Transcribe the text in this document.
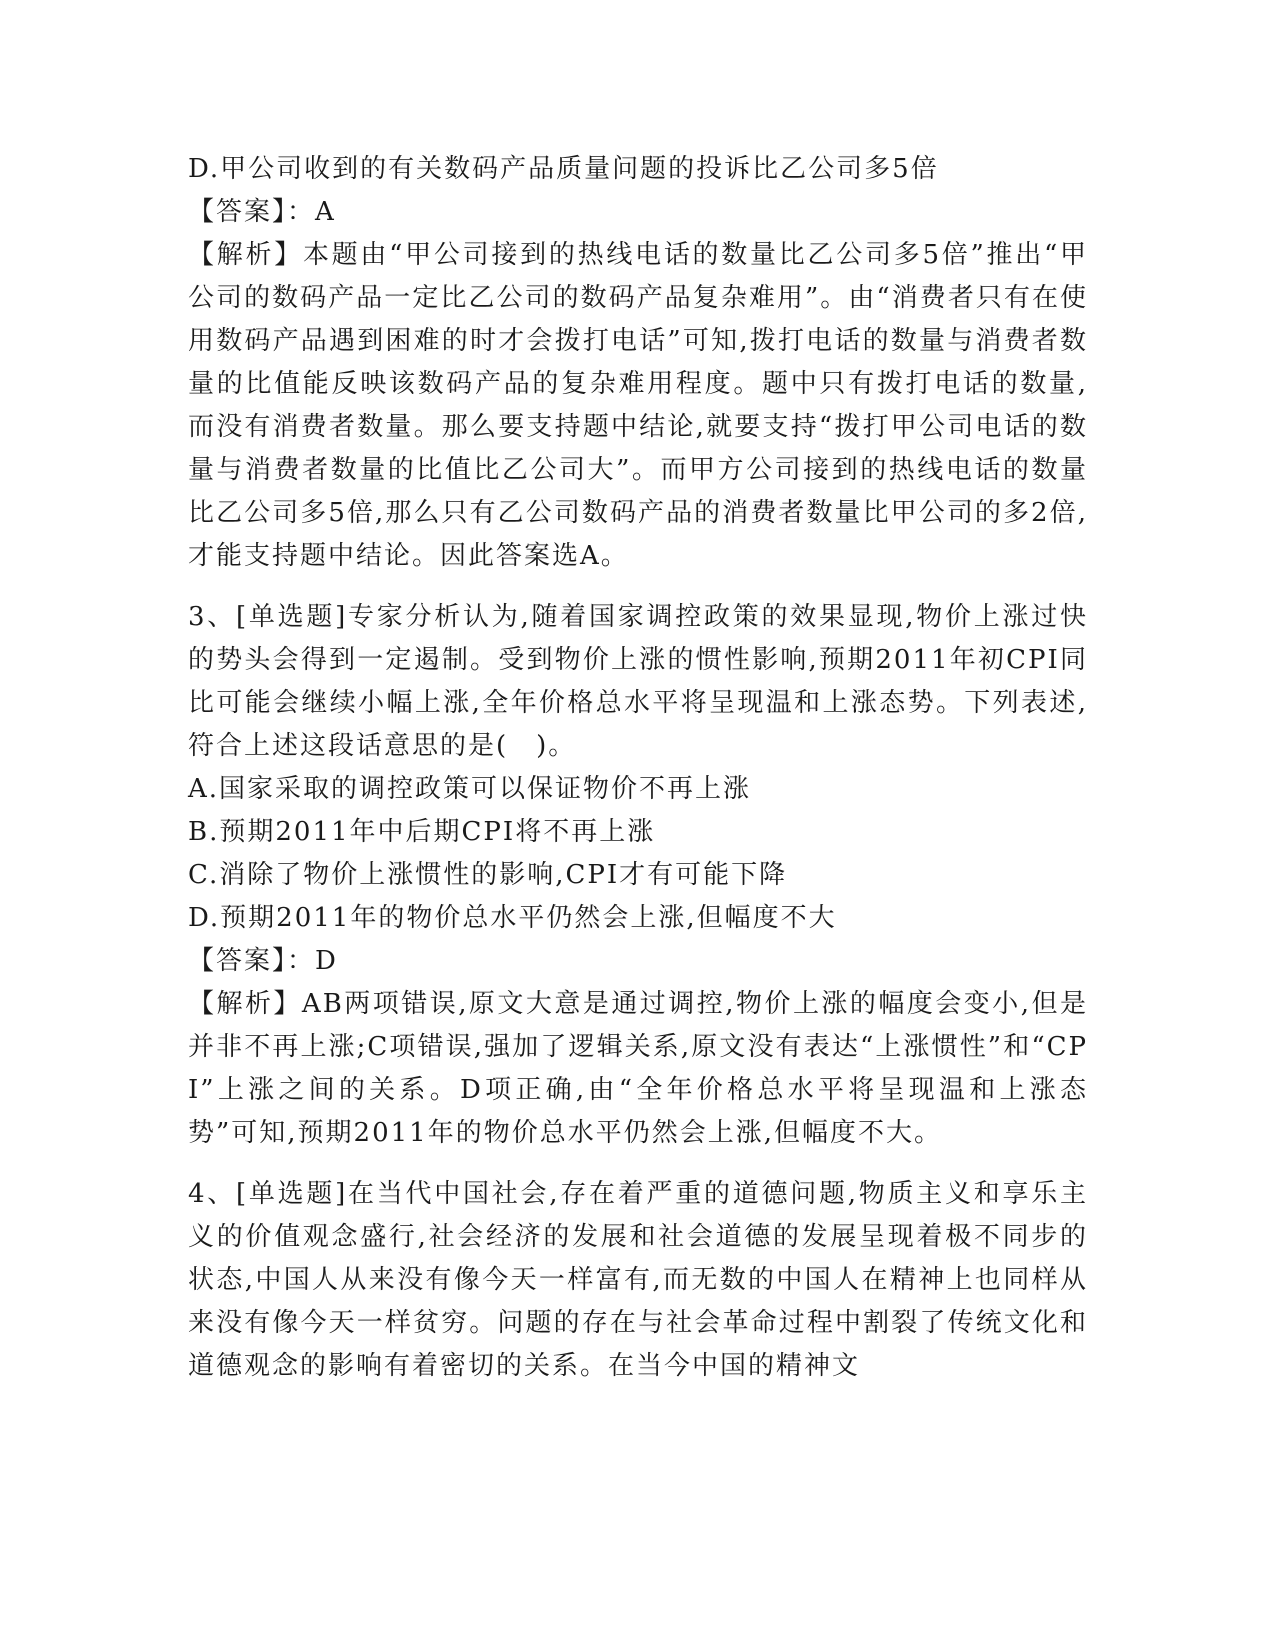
D.甲公司收到的有关数码产品质量问题的投诉比乙公司多5倍
【答案】：A
【解析】本题由“甲公司接到的热线电话的数量比乙公司多5倍”推出“甲公司的数码产品一定比乙公司的数码产品复杂难用”。由“消费者只有在使用数码产品遇到困难的时才会拨打电话”可知,拨打电话的数量与消费者数量的比值能反映该数码产品的复杂难用程度。题中只有拨打电话的数量,而没有消费者数量。那么要支持题中结论,就要支持“拨打甲公司电话的数量与消费者数量的比值比乙公司大”。而甲方公司接到的热线电话的数量比乙公司多5倍,那么只有乙公司数码产品的消费者数量比甲公司的多2倍,才能支持题中结论。因此答案选A。
3、[单选题]专家分析认为,随着国家调控政策的效果显现,物价上涨过快的势头会得到一定遏制。受到物价上涨的惯性影响,预期2011年初CPI同比可能会继续小幅上涨,全年价格总水平将呈现温和上涨态势。下列表述,符合上述这段话意思的是(　)。
A.国家采取的调控政策可以保证物价不再上涨
B.预期2011年中后期CPI将不再上涨
C.消除了物价上涨惯性的影响,CPI才有可能下降
D.预期2011年的物价总水平仍然会上涨,但幅度不大
【答案】：D
【解析】AB两项错误,原文大意是通过调控,物价上涨的幅度会变小,但是并非不再上涨;C项错误,强加了逻辑关系,原文没有表达“上涨惯性”和“CPI”上涨之间的关系。D项正确,由“全年价格总水平将呈现温和上涨态势”可知,预期2011年的物价总水平仍然会上涨,但幅度不大。
4、[单选题]在当代中国社会,存在着严重的道德问题,物质主义和享乐主义的价值观念盛行,社会经济的发展和社会道德的发展呈现着极不同步的状态,中国人从来没有像今天一样富有,而无数的中国人在精神上也同样从来没有像今天一样贫穷。问题的存在与社会革命过程中割裂了传统文化和道德观念的影响有着密切的关系。在当今中国的精神文
